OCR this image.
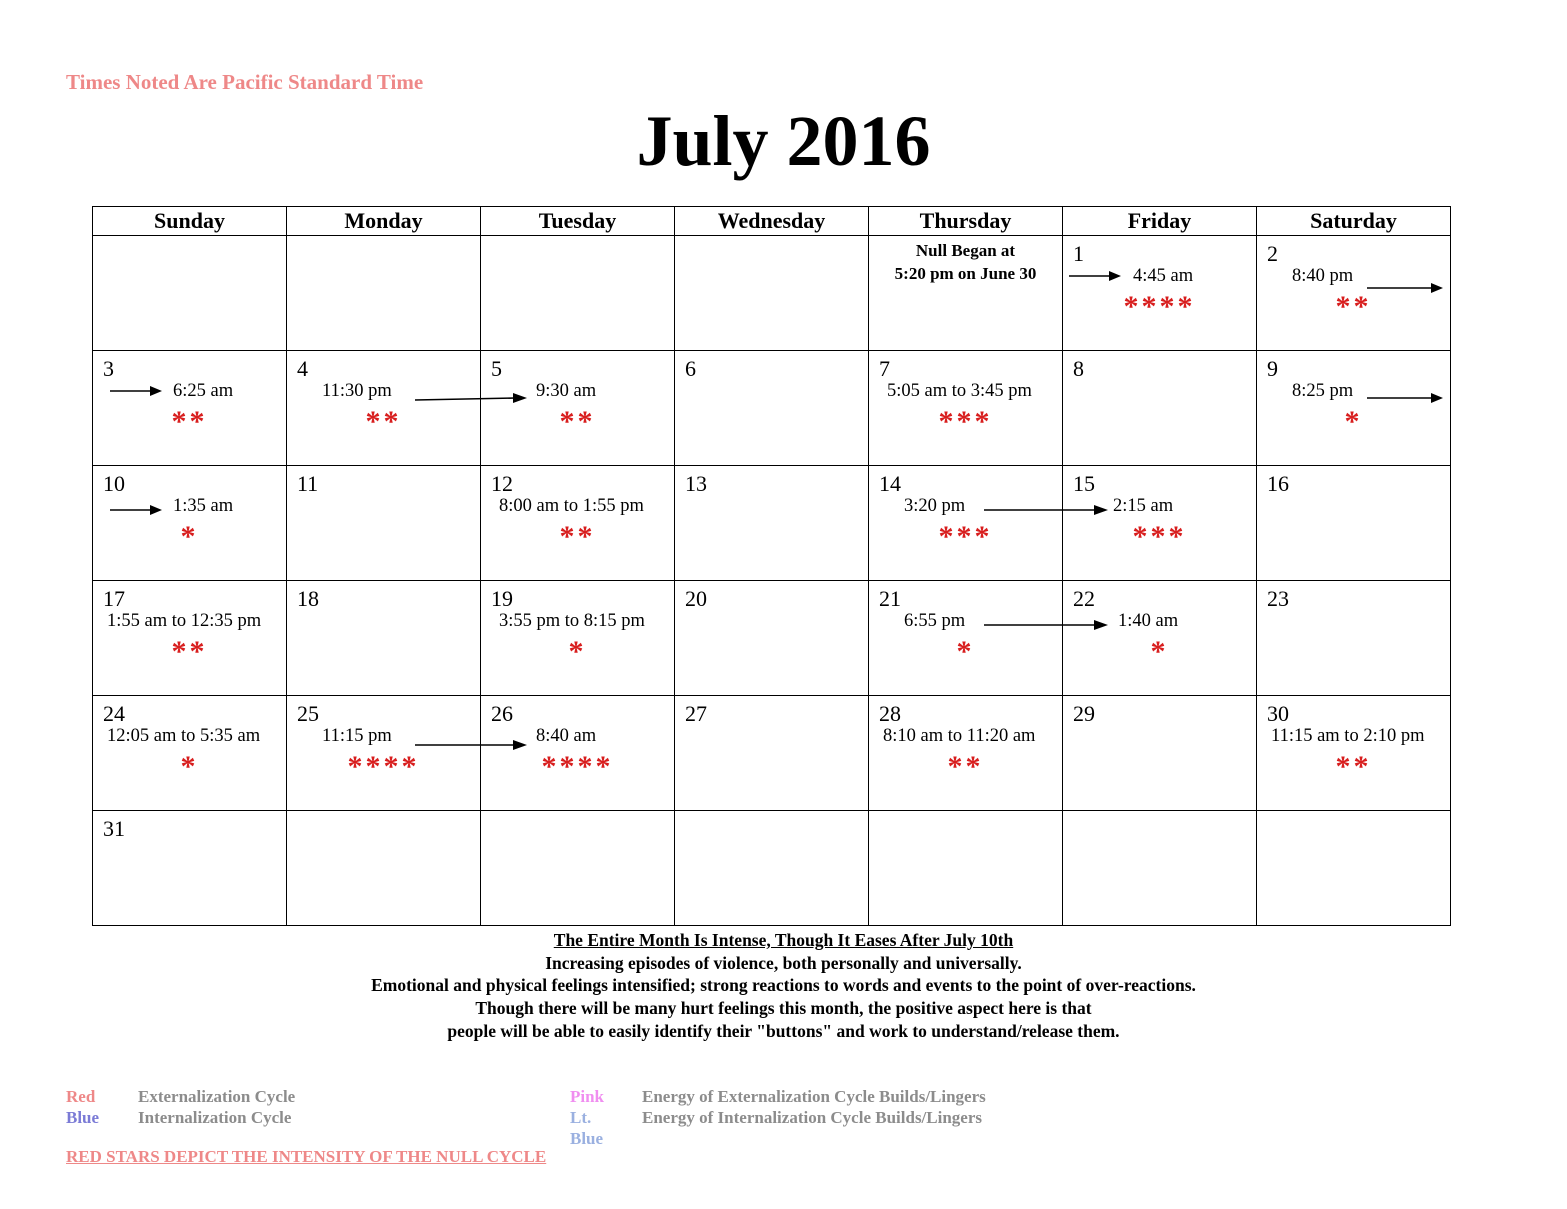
Times Noted Are Pacific Standard Time
July 2016
Sunday	Monday	Tuesday	Wednesday	Thursday	Friday	Saturday

				Null Began at
5:20 pm on June 30	1
4:45 am
****	2
8:40 pm
**

3
6:25 am
**	4
11:30 pm
**	5
9:30 am
**	6	7
5:05 am to 3:45 pm
***	8	9
8:25 pm
*

10
1:35 am
*	11	12
8:00 am to 1:55 pm
**	13	14
3:20 pm
***	15
2:15 am
***	16

17
1:55 am to 12:35 pm
**	18	19
3:55 pm to 8:15 pm
*	20	21
6:55 pm
*	22
1:40 am
*	23

24
12:05 am to 5:35 am
*	25
11:15 pm
****	26
8:40 am
****	27	28
8:10 am to 11:20 am
**	29	30
11:15 am to 2:10 pm
**

31						

The Entire Month Is Intense, Though It Eases After July 10th
Increasing episodes of violence, both personally and universally.
Emotional and physical feelings intensified; strong reactions to words and events to the point of over-reactions.
Though there will be many hurt feelings this month, the positive aspect here is that
people will be able to easily identify their "buttons" and work to understand/release them.
Red	Externalization Cycle
Blue Internalization Cycle
Pink Energy of Externalization Cycle Builds/Lingers
Lt. Blue
Energy of Internalization Cycle Builds/Lingers
RED STARS DEPICT THE INTENSITY OF THE NULL CYCLE
